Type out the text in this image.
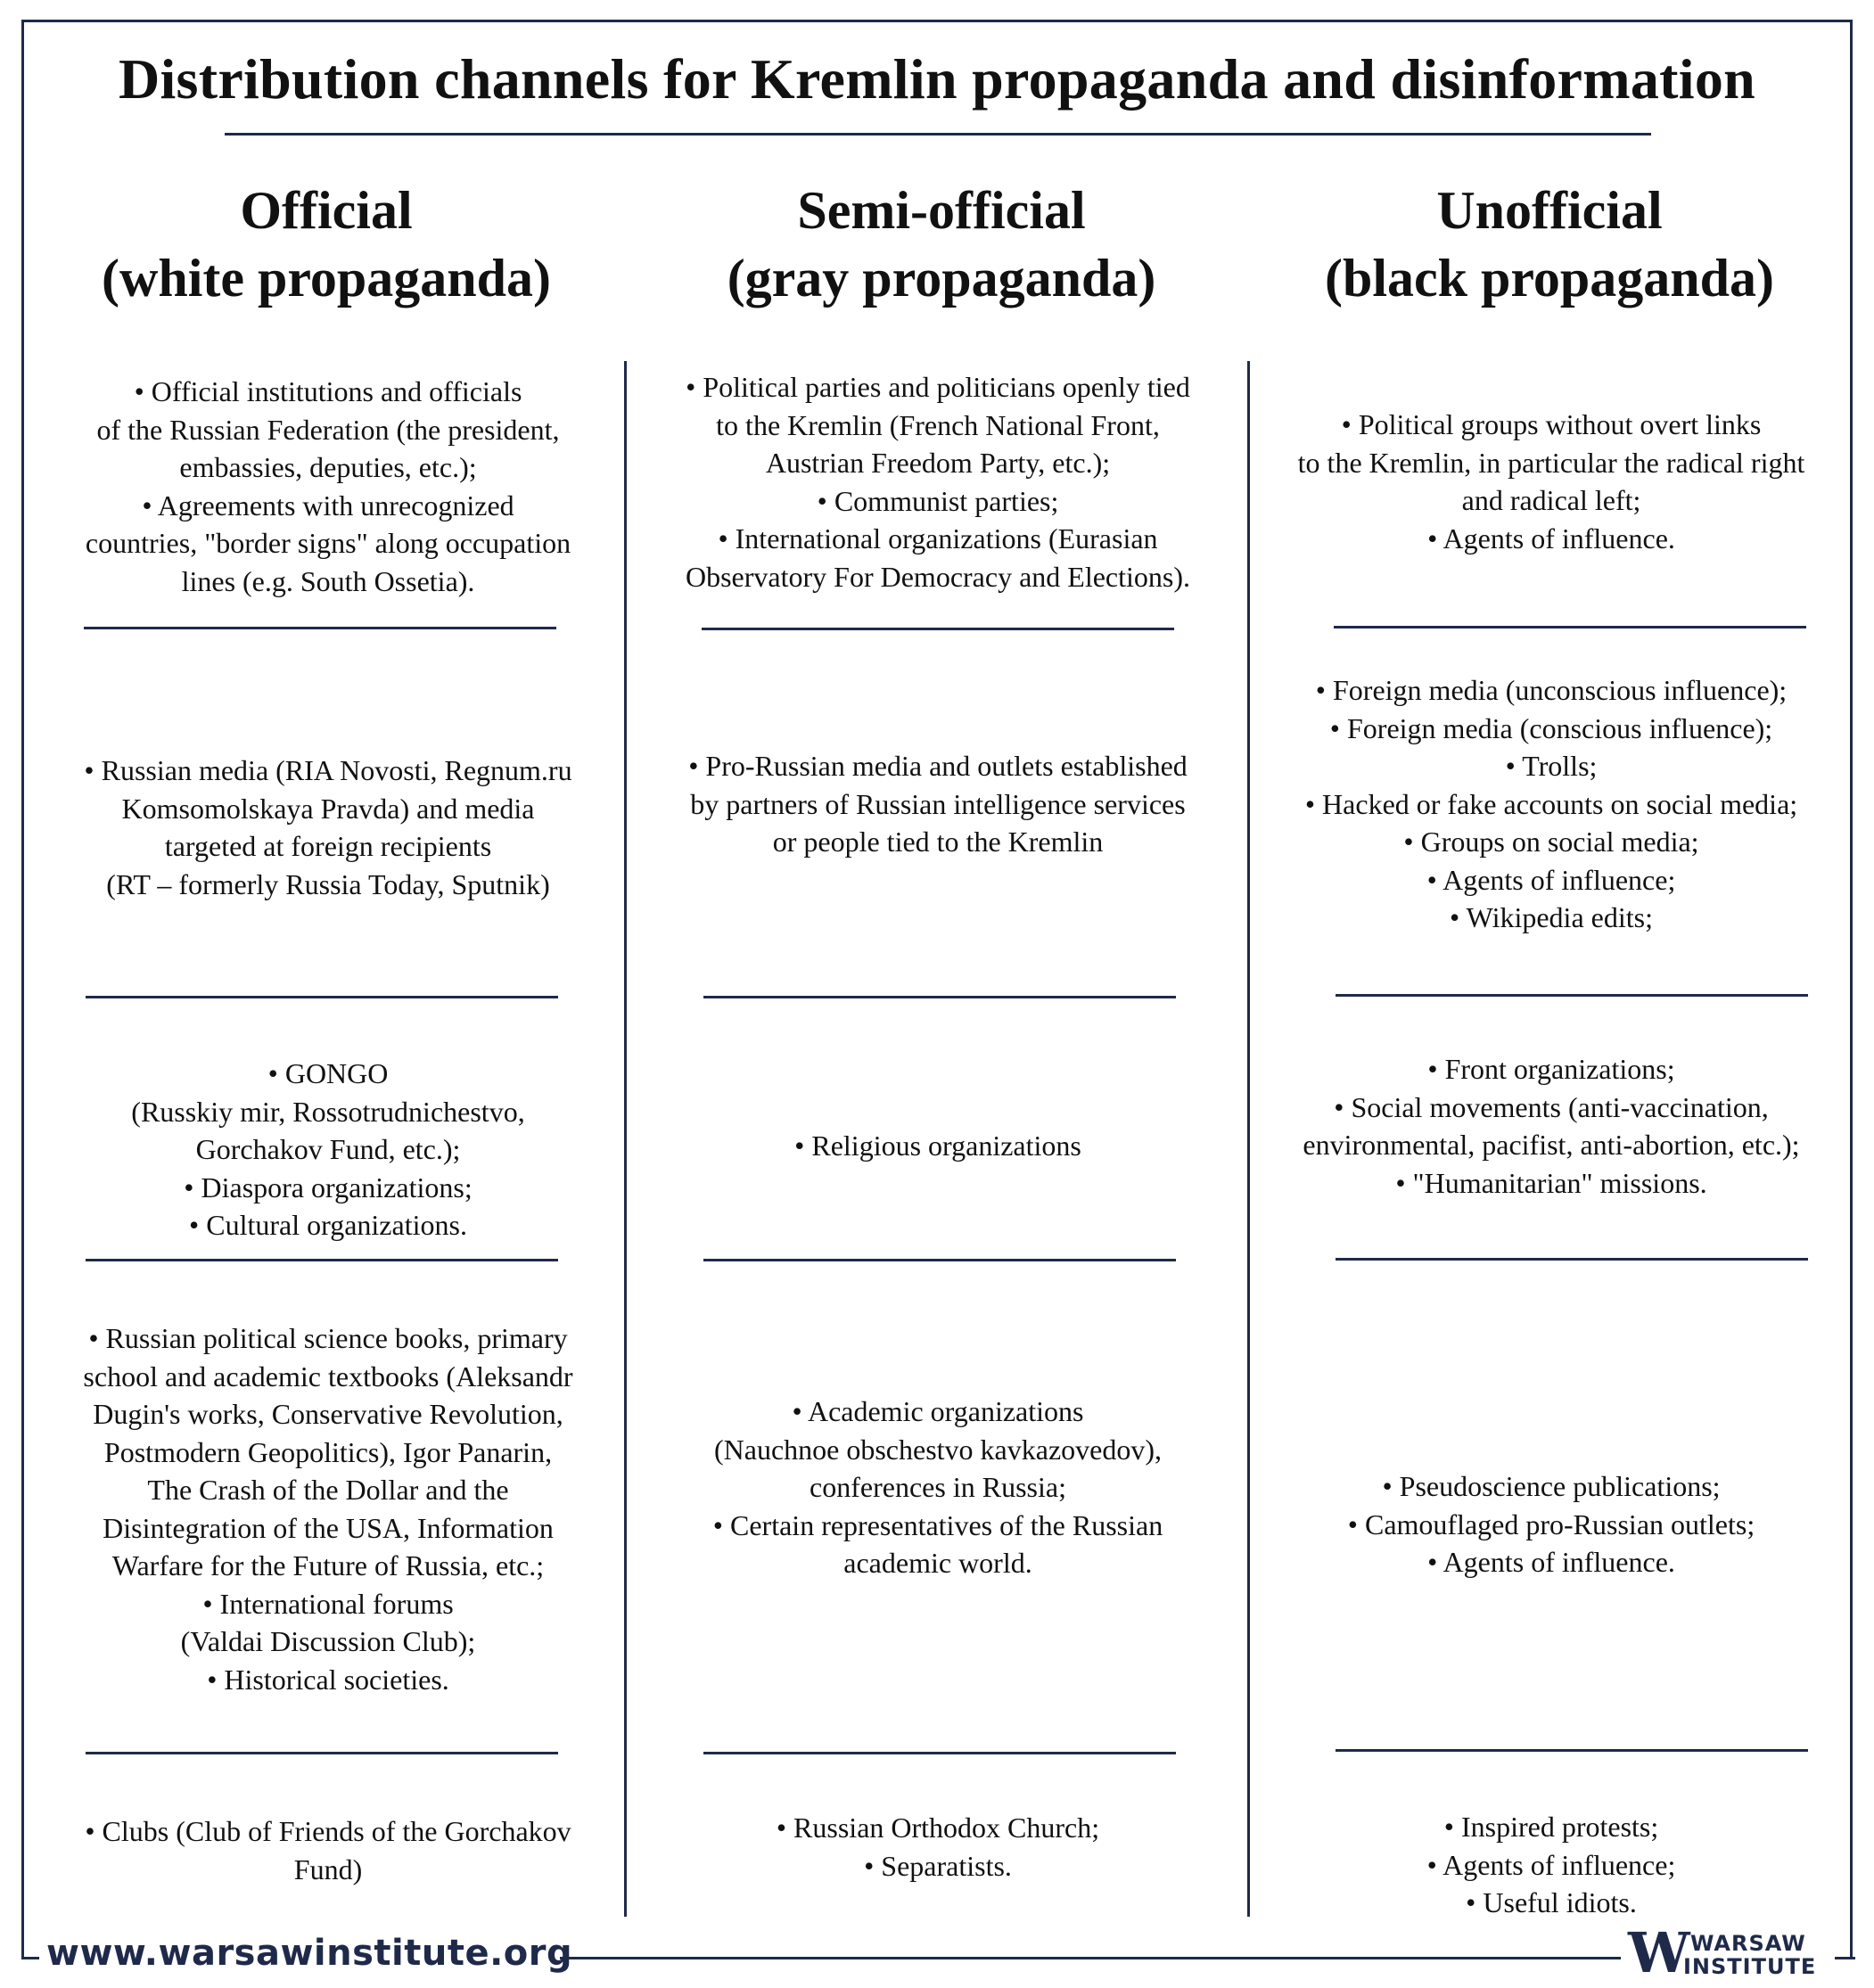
Distribution channels for Kremlin propaganda and disinformation
Official
(white propaganda)
Semi-official
(gray propaganda)
Unofficial
(black propaganda)
• Official institutions and officials
of the Russian Federation (the president,
embassies, deputies, etc.);
• Agreements with unrecognized
countries, "border signs" along occupation
lines (e.g. South Ossetia).
• Russian media (RIA Novosti, Regnum.ru
Komsomolskaya Pravda) and media
targeted at foreign recipients
(RT – formerly Russia Today, Sputnik)
• GONGO
(Russkiy mir, Rossotrudnichestvo,
Gorchakov Fund, etc.);
• Diaspora organizations;
• Cultural organizations.
• Russian political science books, primary
school and academic textbooks (Aleksandr
Dugin's works, Conservative Revolution,
Postmodern Geopolitics), Igor Panarin,
The Crash of the Dollar and the
Disintegration of the USA, Information
Warfare for the Future of Russia, etc.;
• International forums
(Valdai Discussion Club);
• Historical societies.
• Clubs (Club of Friends of the Gorchakov
Fund)
• Political parties and politicians openly tied
to the Kremlin (French National Front,
Austrian Freedom Party, etc.);
• Communist parties;
• International organizations (Eurasian
Observatory For Democracy and Elections).
• Pro-Russian media and outlets established
by partners of Russian intelligence services
or people tied to the Kremlin
• Religious organizations
• Academic organizations
(Nauchnoe obschestvo kavkazovedov),
conferences in Russia;
• Certain representatives of the Russian
academic world.
• Russian Orthodox Church;
• Separatists.
• Political groups without overt links
to the Kremlin, in particular the radical right
and radical left;
• Agents of influence.
• Foreign media (unconscious influence);
• Foreign media (conscious influence);
• Trolls;
• Hacked or fake accounts on social media;
• Groups on social media;
• Agents of influence;
• Wikipedia edits;
• Front organizations;
• Social movements (anti-vaccination,
environmental, pacifist, anti-abortion, etc.);
• "Humanitarian" missions.
• Pseudoscience publications;
• Camouflaged pro-Russian outlets;
• Agents of influence.
• Inspired protests;
• Agents of influence;
• Useful idiots.
www.warsawinstitute.org	W WARSAW
INSTITUTE
